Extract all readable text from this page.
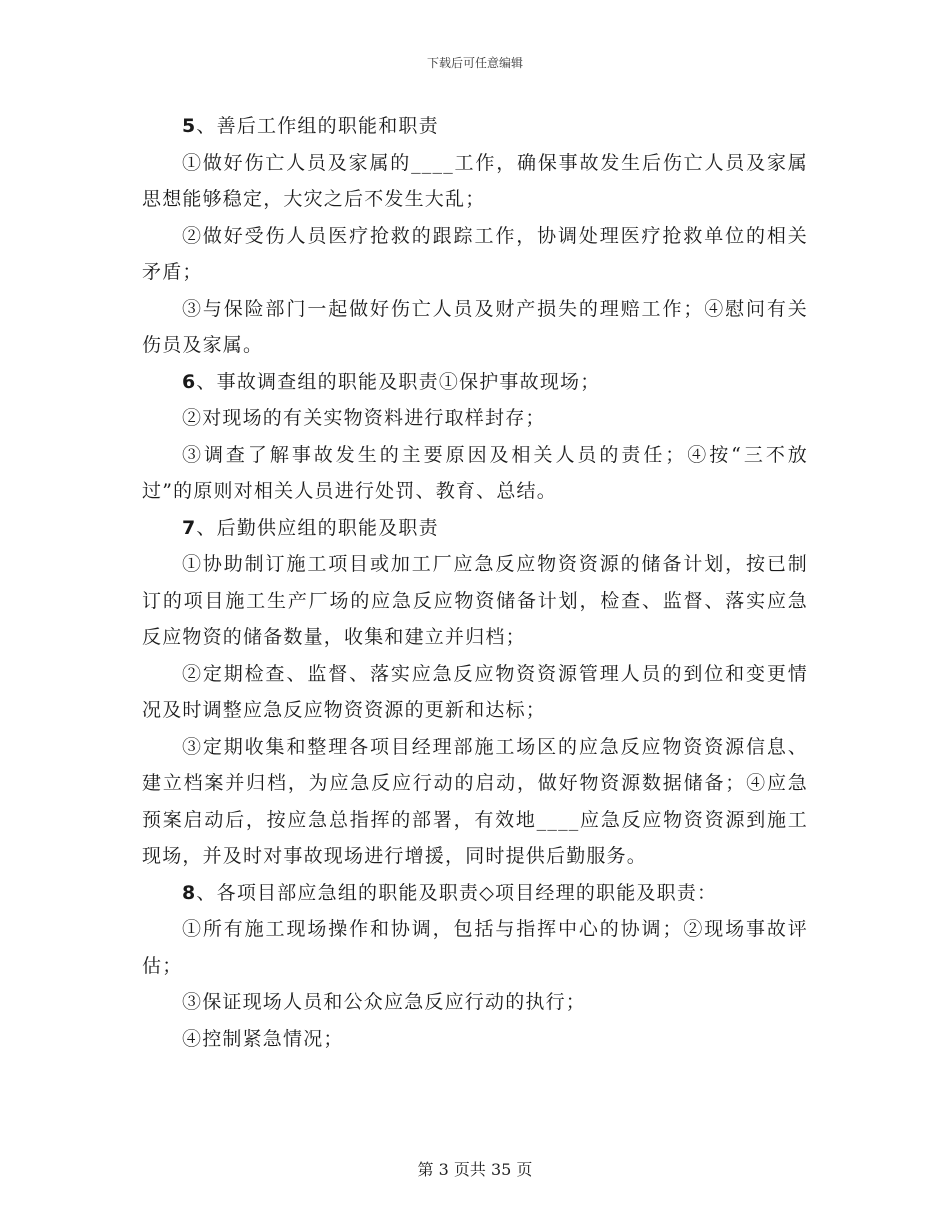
下载后可任意编辑

5、善后工作组的职能和职责

①做好伤亡人员及家属的____工作，确保事故发生后伤亡人员及家属思想能够稳定，大灾之后不发生大乱；

②做好受伤人员医疗抢救的跟踪工作，协调处理医疗抢救单位的相关矛盾；

③与保险部门一起做好伤亡人员及财产损失的理赔工作；④慰问有关伤员及家属。

6、事故调查组的职能及职责①保护事故现场；

②对现场的有关实物资料进行取样封存；

③调查了解事故发生的主要原因及相关人员的责任；④按“三不放过”的原则对相关人员进行处罚、教育、总结。

7、后勤供应组的职能及职责

①协助制订施工项目或加工厂应急反应物资资源的储备计划，按已制订的项目施工生产厂场的应急反应物资储备计划，检查、监督、落实应急反应物资的储备数量，收集和建立并归档；

②定期检查、监督、落实应急反应物资资源管理人员的到位和变更情况及时调整应急反应物资资源的更新和达标；

③定期收集和整理各项目经理部施工场区的应急反应物资资源信息、建立档案并归档，为应急反应行动的启动，做好物资源数据储备；④应急预案启动后，按应急总指挥的部署，有效地____应急反应物资资源到施工现场，并及时对事故现场进行增援，同时提供后勤服务。

8、各项目部应急组的职能及职责◇项目经理的职能及职责：

①所有施工现场操作和协调，包括与指挥中心的协调；②现场事故评估；

③保证现场人员和公众应急反应行动的执行；

④控制紧急情况；

第 3 页共 35 页
